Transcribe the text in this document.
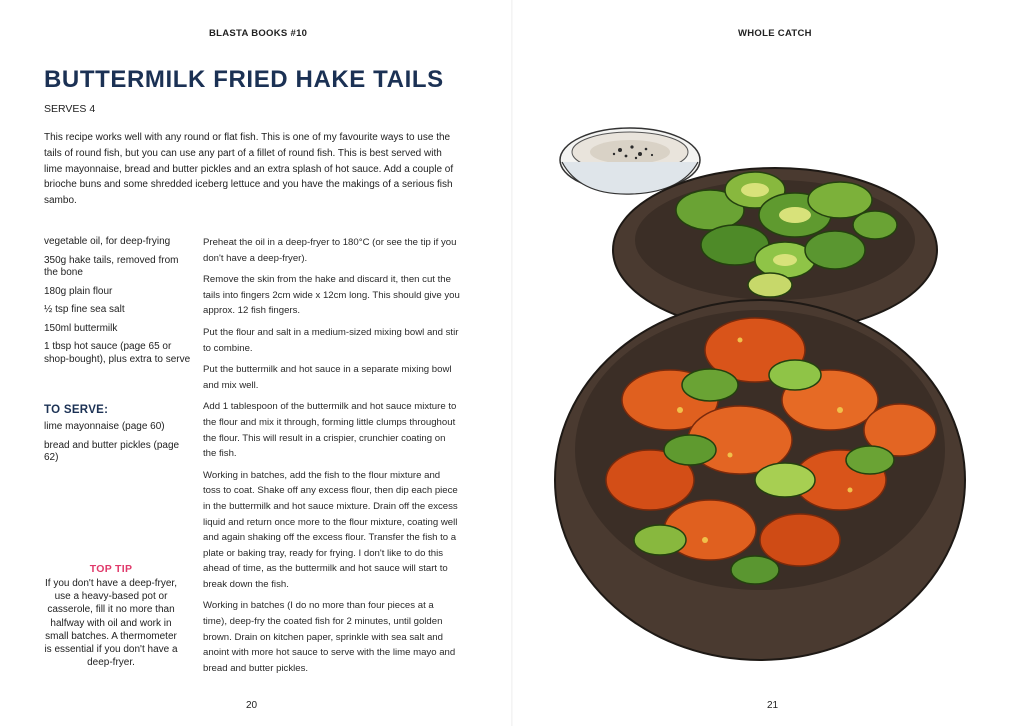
BLASTA BOOKS #10	WHOLE CATCH
BUTTERMILK FRIED HAKE TAILS
SERVES 4

This recipe works well with any round or flat fish. This is one of my favourite ways to use the tails of round fish, but you can use any part of a fillet of round fish. This is best served with lime mayonnaise, bread and butter pickles and an extra splash of hot sauce. Add a couple of brioche buns and some shredded iceberg lettuce and you have the makings of a serious fish sambo.

vegetable oil, for deep-frying
350g hake tails, removed from the bone
180g plain flour
½ tsp fine sea salt
150ml buttermilk
1 tbsp hot sauce (page 65 or shop-bought), plus extra to serve
TO SERVE:
lime mayonnaise (page 60)
bread and butter pickles (page 62)
TOP TIP

If you don't have a deep-fryer, use a heavy-based pot or casserole, fill it no more than halfway with oil and work in small batches. A thermometer is essential if you don't have a deep-fryer.

Preheat the oil in a deep-fryer to 180°C (or see the tip if you don't have a deep-fryer).

Remove the skin from the hake and discard it, then cut the tails into fingers 2cm wide x 12cm long. This should give you approx. 12 fish fingers.

Put the flour and salt in a medium-sized mixing bowl and stir to combine.

Put the buttermilk and hot sauce in a separate mixing bowl and mix well.

Add 1 tablespoon of the buttermilk and hot sauce mixture to the flour and mix it through, forming little clumps throughout the flour. This will result in a crispier, crunchier coating on the fish.

Working in batches, add the fish to the flour mixture and toss to coat. Shake off any excess flour, then dip each piece in the buttermilk and hot sauce mixture. Drain off the excess liquid and return once more to the flour mixture, coating well and again shaking off the excess flour. Transfer the fish to a plate or baking tray, ready for frying. I don't like to do this ahead of time, as the buttermilk and hot sauce will start to break down the fish.

Working in batches (I do no more than four pieces at a time), deep-fry the coated fish for 2 minutes, until golden brown. Drain on kitchen paper, sprinkle with sea salt and anoint with more hot sauce to serve with the lime mayo and bread and butter pickles.

20	21
